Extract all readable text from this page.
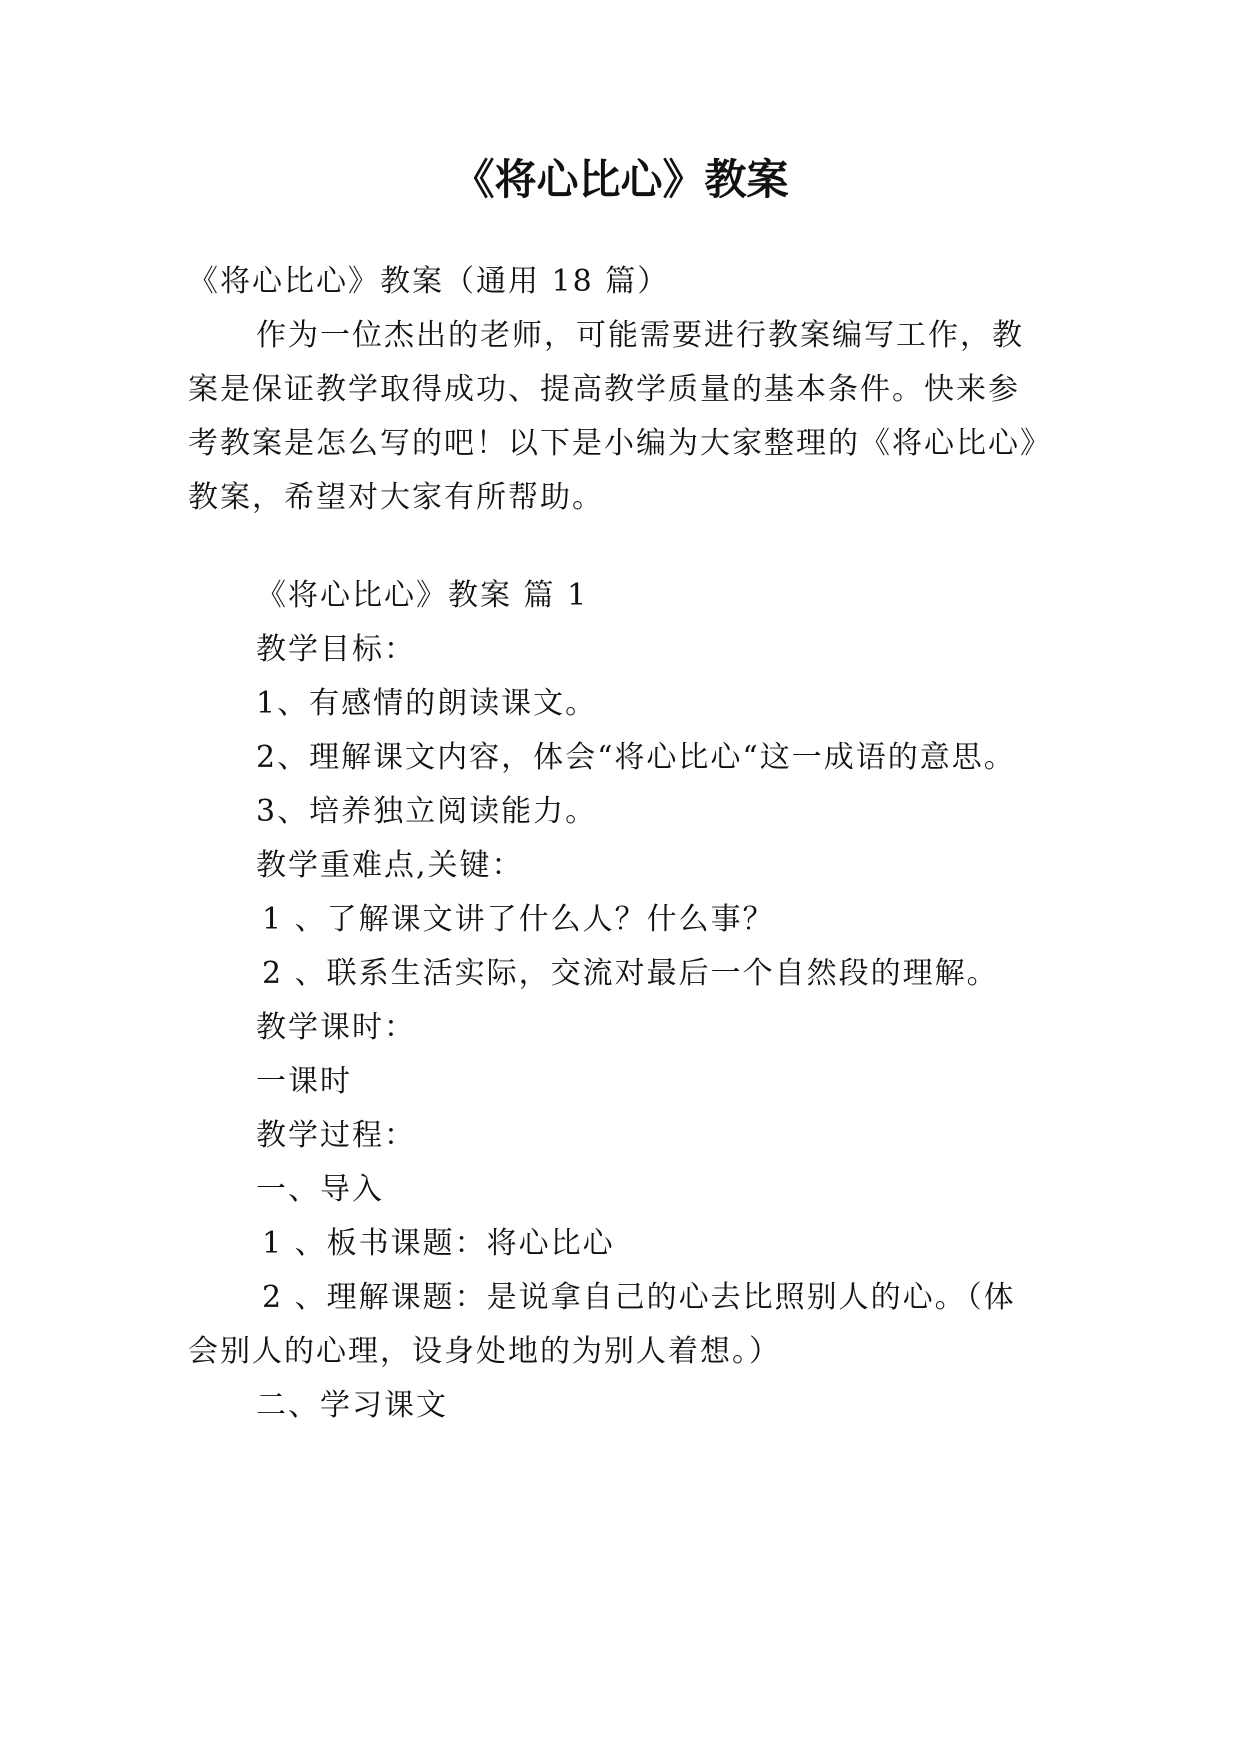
《将心比心》教案
《将心比心》教案（通用 18 篇）
作为一位杰出的老师，可能需要进行教案编写工作，教
案是保证教学取得成功、提高教学质量的基本条件。快来参
考教案是怎么写的吧！以下是小编为大家整理的《将心比心》
教案，希望对大家有所帮助。
《将心比心》教案 篇 1
教学目标：
1、有感情的朗读课文。
2、理解课文内容，体会“将心比心“这一成语的意思。
3、培养独立阅读能力。
教学重难点,关键：
1 、了解课文讲了什么人？什么事？
2 、联系生活实际，交流对最后一个自然段的理解。
教学课时：
一课时
教学过程：
一、导入
1 、板书课题：将心比心
2 、理解课题：是说拿自己的心去比照别人的心。（体
会别人的心理，设身处地的为别人着想。）
二、学习课文
